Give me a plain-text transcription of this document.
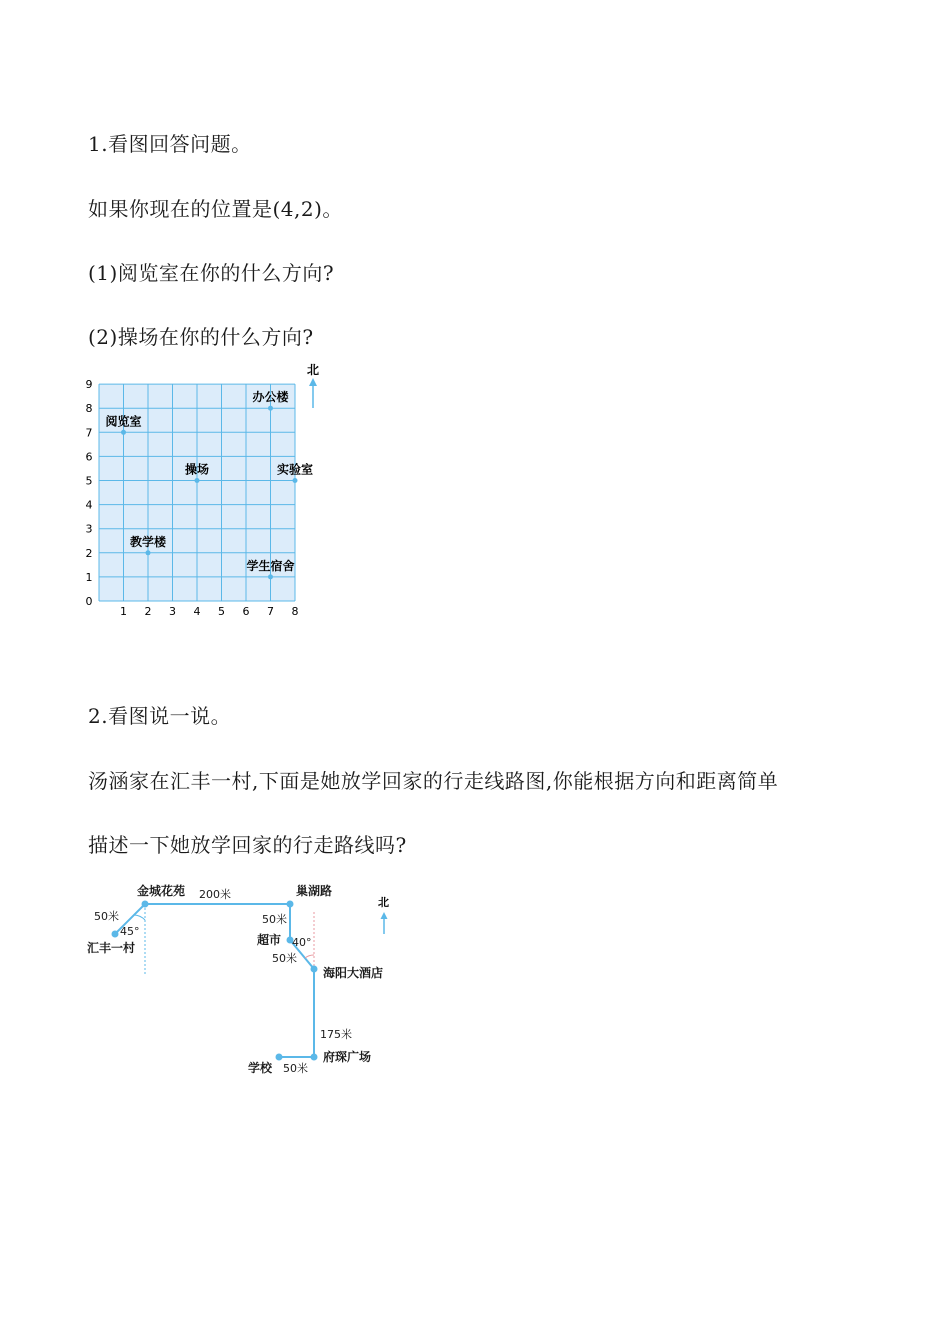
1.看图回答问题。
如果你现在的位置是(4,2)。
(1)阅览室在你的什么方向?
(2)操场在你的什么方向?
1 2 3 4 5 6 7 8
0
1
2
3
4
5
6
7
8
9
阅览室
办公楼
操场	实验室
教学楼
学生宿舍
北
2.看图说一说。
汤涵家在汇丰一村,下面是她放学回家的行走线路图,你能根据方向和距离简单
描述一下她放学回家的行走路线吗?
金城花苑	巢湖路
汇丰一村
超市
海阳大酒店
府琛广场
学校
200米
50米	50米
50米
175米
50米
45°
40°
北
